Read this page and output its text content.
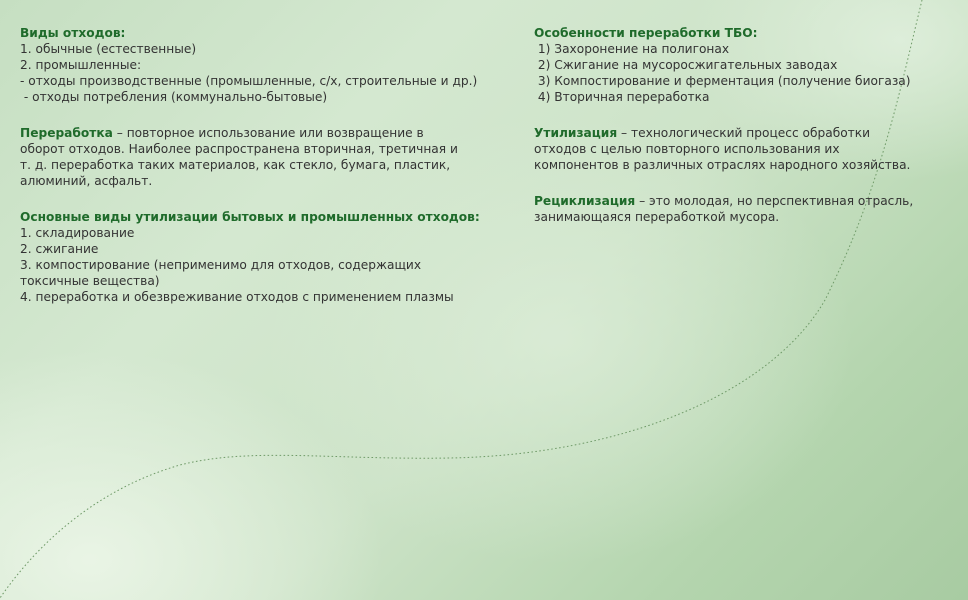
Виды отходов:
1. обычные (естественные)
2. промышленные:
- отходы производственные (промышленные, с/х, строительные и др.)
- отходы потребления (коммунально-бытовые)
Переработка – повторное использование или возвращение в
оборот отходов. Наиболее распространена вторичная, третичная и
т. д. переработка таких материалов, как стекло, бумага, пластик,
алюминий, асфальт.
Основные виды утилизации бытовых и промышленных отходов:
1. складирование
2. сжигание
3. компостирование (неприменимо для отходов, содержащих
токсичные вещества)
4. переработка и обезвреживание отходов с применением плазмы
Особенности переработки ТБО:
1) Захоронение на полигонах
2) Сжигание на мусоросжигательных заводах
3) Компостирование и ферментация (получение биогаза)
4) Вторичная переработка
Утилизация – технологический процесс обработки
отходов с целью повторного использования их
компонентов в различных отраслях народного хозяйства.
Рециклизация – это молодая, но перспективная отрасль,
занимающаяся переработкой мусора.
